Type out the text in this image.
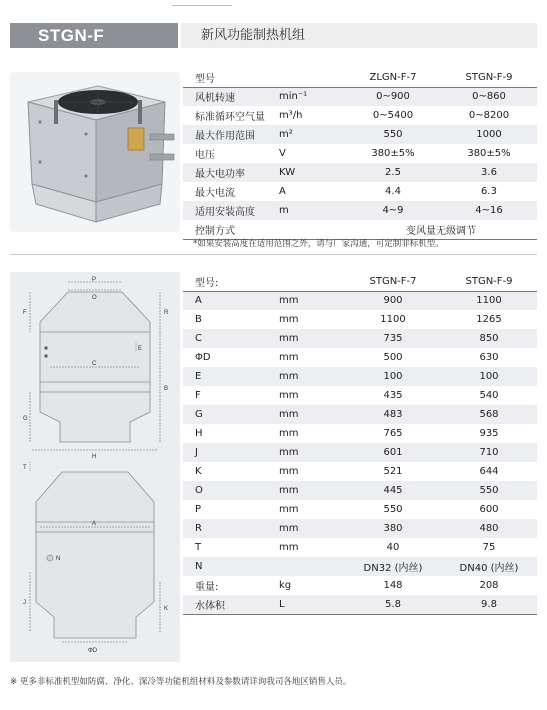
STGN-F	新风功能制热机组
型号		ZLGN-F-7	STGN-F-9
风机转速	min⁻¹	0~900	0~860
标准循环空气量	m³/h	0~5400	0~8200
最大作用范围	m²	550	1000
电压	V	380±5%	380±5%
最大电功率	KW	2.5	3.6
最大电流	A	4.4	6.3
适用安装高度	m	4~9	4~16
控制方式		变风量无级调节	
*如果安装高度在适用范围之外，请与厂家沟通，可定制非标机型。
P
O
F	R
E
C
B
G
H
T
A
N
J
K
ΦD
型号:		STGN-F-7	STGN-F-9
A	mm	900	1100
B	mm	1100	1265
C	mm	735	850
ΦD	mm	500	630
E	mm	100	100
F	mm	435	540
G	mm	483	568
H	mm	765	935
J	mm	601	710
K	mm	521	644
O	mm	445	550
P	mm	550	600
R	mm	380	480
T	mm	40	75
N		DN32 (内丝)	DN40 (内丝)
重量:	kg	148	208
水体积	L	5.8	9.8
※ 更多非标准机型如防腐、净化、深冷等功能机组材料及参数请详询我司各地区销售人员。
